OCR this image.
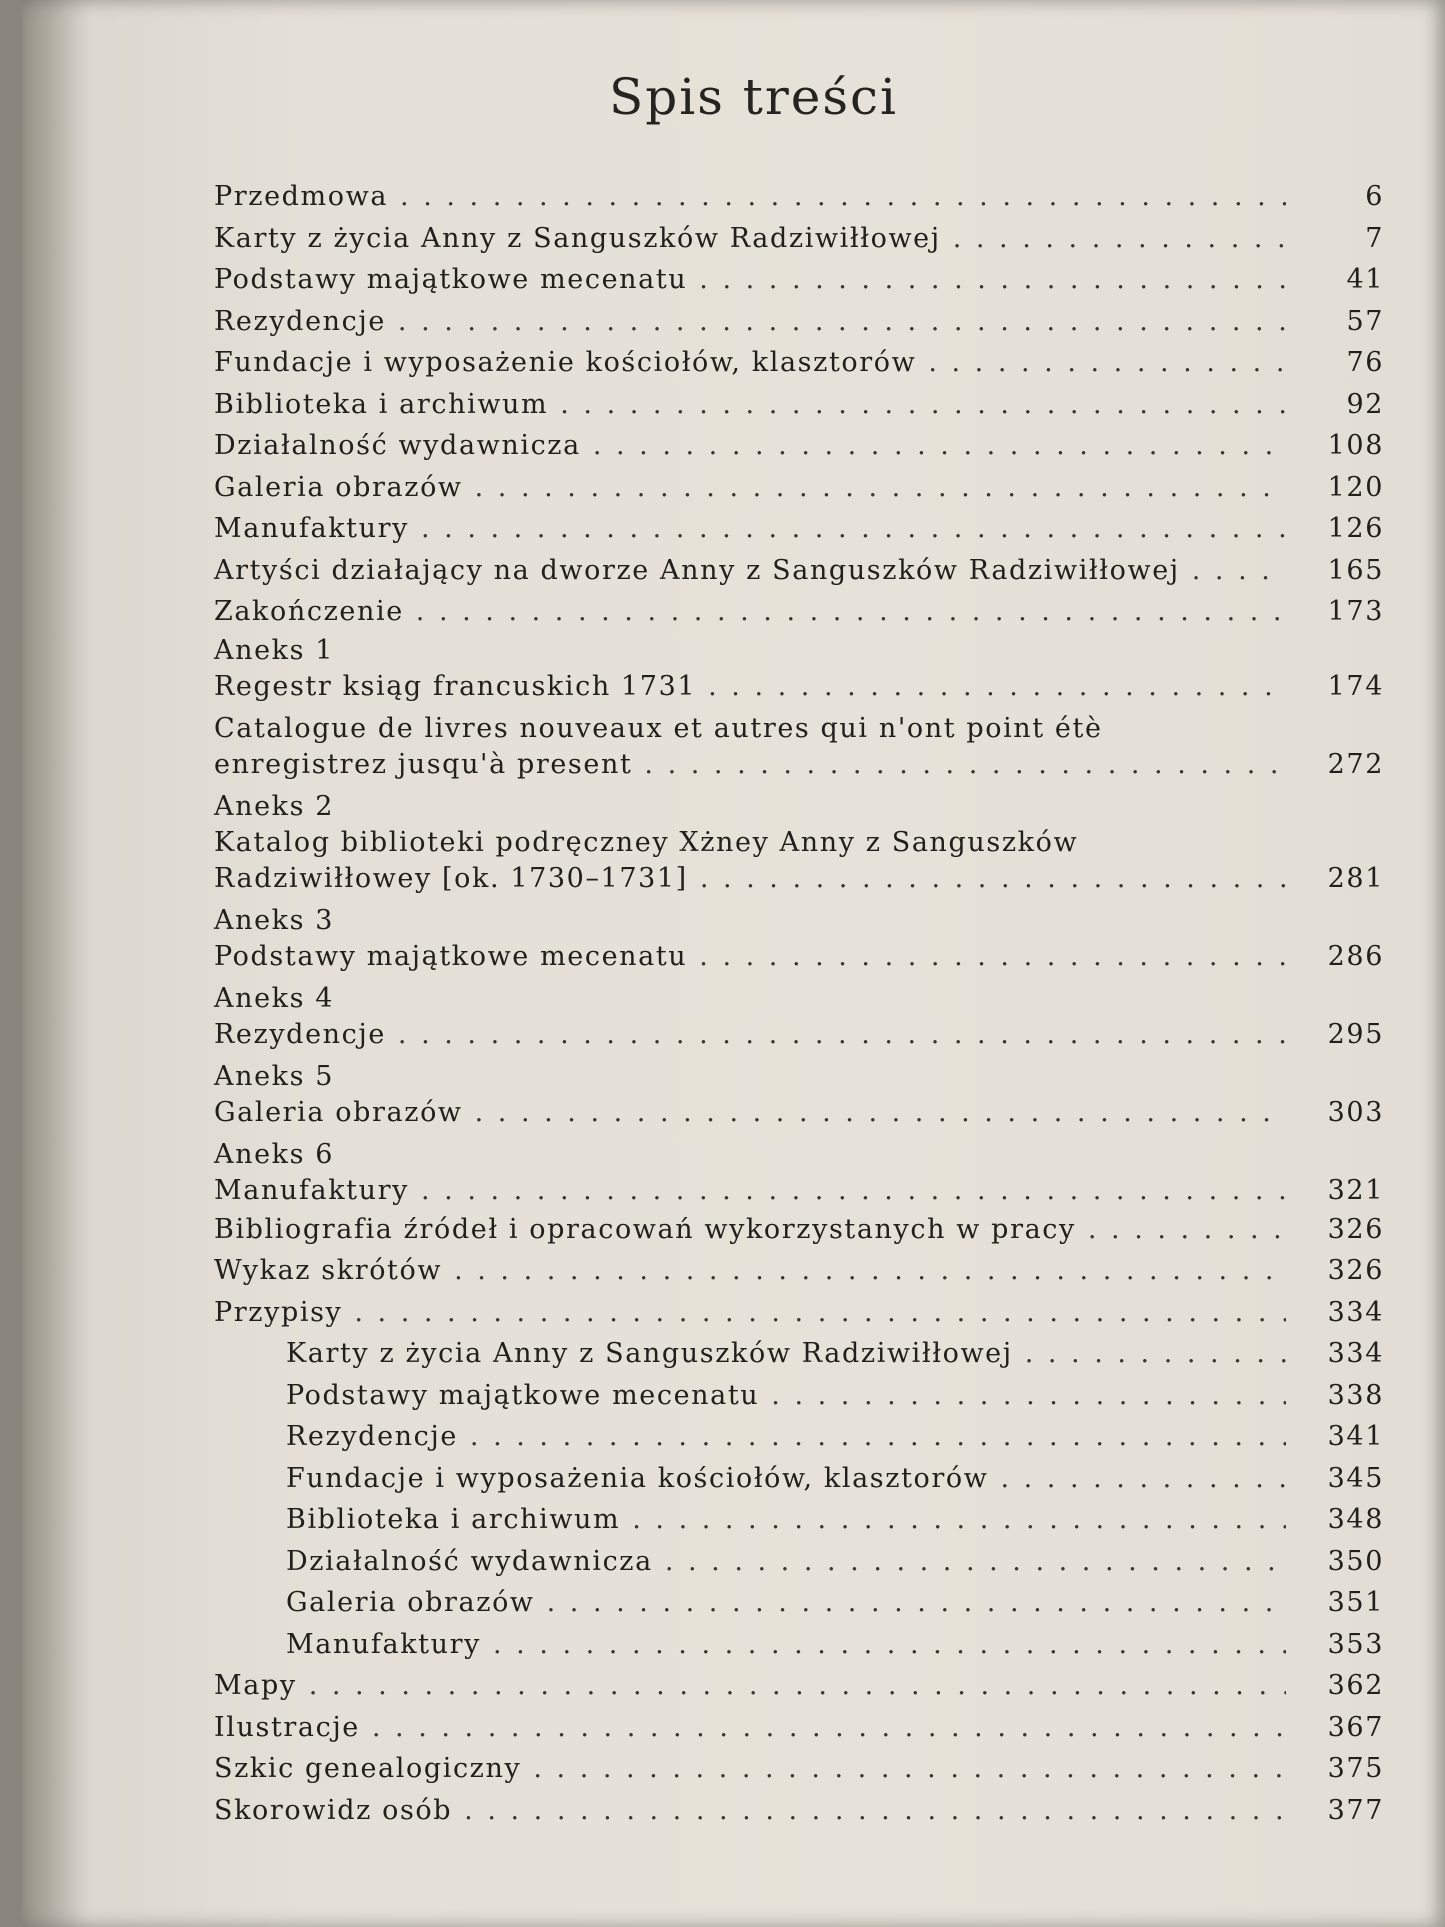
Spis treści
Przedmowa . . .	6
Karty z życia Anny z Sanguszków Radziwiłłowej . . .	7
Podstawy majątkowe mecenatu . . .	41
Rezydencje . . .	57
Fundacje i wyposażenie kościołów, klasztorów . . .	76
Biblioteka i archiwum . . .	92
Działalność wydawnicza . . .	108
Galeria obrazów . . .	120
Manufaktury . . .	126
Artyści działający na dworze Anny z Sanguszków Radziwiłłowej . . .	165
Zakończenie . . .	173
Aneks 1
Regestr ksiąg francuskich 1731 . . .	174
Catalogue de livres nouveaux et autres qui n'ont point étè
enregistrez jusqu'à present . . .	272
Aneks 2
Katalog biblioteki podręczney Xżney Anny z Sanguszków
Radziwiłłowey [ok. 1730–1731] . . .	281
Aneks 3
Podstawy majątkowe mecenatu . . .	286
Aneks 4
Rezydencje . . .	295
Aneks 5
Galeria obrazów . . .	303
Aneks 6
Manufaktury . . .	321
Bibliografia źródeł i opracowań wykorzystanych w pracy . . .	326
Wykaz skrótów . . .	326
Przypisy . . .	334
Karty z życia Anny z Sanguszków Radziwiłłowej . . .	334
Podstawy majątkowe mecenatu . . .	338
Rezydencje . . .	341
Fundacje i wyposażenia kościołów, klasztorów . . .	345
Biblioteka i archiwum . . .	348
Działalność wydawnicza . . .	350
Galeria obrazów . . .	351
Manufaktury . . .	353
Mapy . . .	362
Ilustracje . . .	367
Szkic genealogiczny . . .	375
Skorowidz osób . . .	377
